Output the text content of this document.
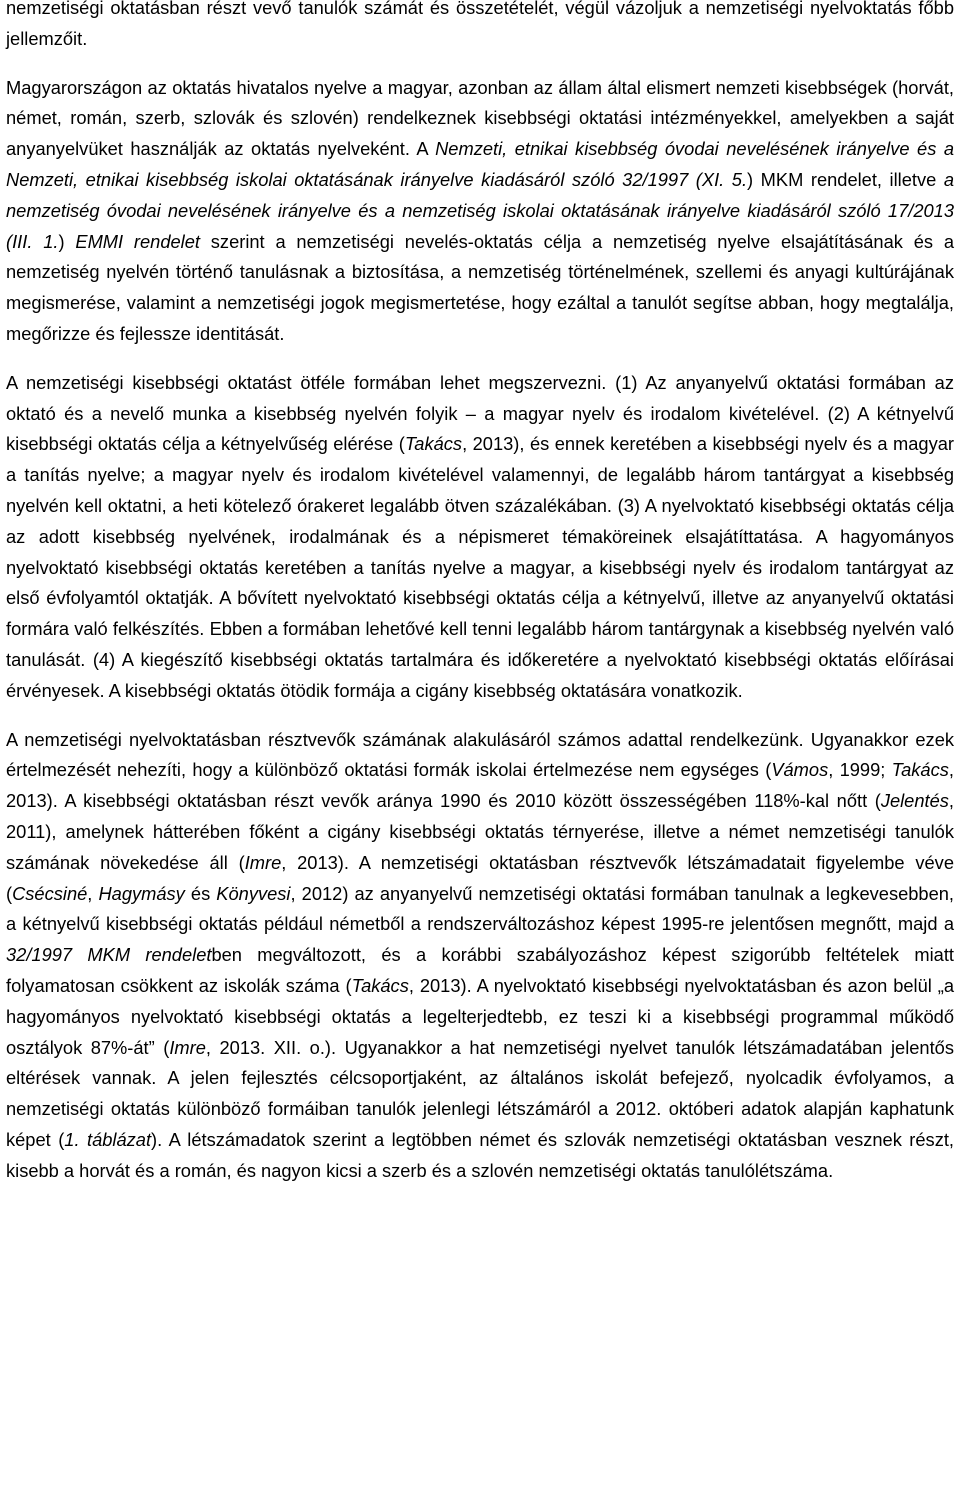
nemzetiségi oktatásban részt vevő tanulók számát és összetételét, végül vázoljuk a nemzetiségi nyelvoktatás főbb jellemzőit.

Magyarországon az oktatás hivatalos nyelve a magyar, azonban az állam által elismert nemzeti kisebbségek (horvát, német, román, szerb, szlovák és szlovén) rendelkeznek kisebbségi oktatási intézményekkel, amelyekben a saját anyanyelvüket használják az oktatás nyelveként. A Nemzeti, etnikai kisebbség óvodai nevelésének irányelve és a Nemzeti, etnikai kisebbség iskolai oktatásának irányelve kiadásáról szóló 32/1997 (XI. 5.) MKM rendelet, illetve a nemzetiség óvodai nevelésének irányelve és a nemzetiség iskolai oktatásának irányelve kiadásáról szóló 17/2013 (III. 1.) EMMI rendelet szerint a nemzetiségi nevelés-oktatás célja a nemzetiség nyelve elsajátításának és a nemzetiség nyelvén történő tanulásnak a biztosítása, a nemzetiség történelmének, szellemi és anyagi kultúrájának megismerése, valamint a nemzetiségi jogok megismertetése, hogy ezáltal a tanulót segítse abban, hogy megtalálja, megőrizze és fejlessze identitását.

A nemzetiségi kisebbségi oktatást ötféle formában lehet megszervezni. (1) Az anyanyelvű oktatási formában az oktató és a nevelő munka a kisebbség nyelvén folyik – a magyar nyelv és irodalom kivételével. (2) A kétnyelvű kisebbségi oktatás célja a kétnyelvűség elérése (Takács, 2013), és ennek keretében a kisebbségi nyelv és a magyar a tanítás nyelve; a magyar nyelv és irodalom kivételével valamennyi, de legalább három tantárgyat a kisebbség nyelvén kell oktatni, a heti kötelező órakeret legalább ötven százalékában. (3) A nyelvoktató kisebbségi oktatás célja az adott kisebbség nyelvének, irodalmának és a népismeret témaköreinek elsajátíttatása. A hagyományos nyelvoktató kisebbségi oktatás keretében a tanítás nyelve a magyar, a kisebbségi nyelv és irodalom tantárgyat az első évfolyamtól oktatják. A bővített nyelvoktató kisebbségi oktatás célja a kétnyelvű, illetve az anyanyelvű oktatási formára való felkészítés. Ebben a formában lehetővé kell tenni legalább három tantárgynak a kisebbség nyelvén való tanulását. (4) A kiegészítő kisebbségi oktatás tartalmára és időkeretére a nyelvoktató kisebbségi oktatás előírásai érvényesek. A kisebbségi oktatás ötödik formája a cigány kisebbség oktatására vonatkozik.

A nemzetiségi nyelvoktatásban résztvevők számának alakulásáról számos adattal rendelkezünk. Ugyanakkor ezek értelmezését nehezíti, hogy a különböző oktatási formák iskolai értelmezése nem egységes (Vámos, 1999; Takács, 2013). A kisebbségi oktatásban részt vevők aránya 1990 és 2010 között összességében 118%-kal nőtt (Jelentés, 2011), amelynek hátterében főként a cigány kisebbségi oktatás térnyerése, illetve a német nemzetiségi tanulók számának növekedése áll (Imre, 2013). A nemzetiségi oktatásban résztvevők létszámadatait figyelembe véve (Csécsiné, Hagymásy és Könyvesi, 2012) az anyanyelvű nemzetiségi oktatási formában tanulnak a legkevesebben, a kétnyelvű kisebbségi oktatás például németből a rendszerváltozáshoz képest 1995-re jelentősen megnőtt, majd a 32/1997 MKM rendeletben megváltozott, és a korábbi szabályozáshoz képest szigorúbb feltételek miatt folyamatosan csökkent az iskolák száma (Takács, 2013). A nyelvoktató kisebbségi nyelvoktatásban és azon belül „a hagyományos nyelvoktató kisebbségi oktatás a legelterjedtebb, ez teszi ki a kisebbségi programmal működő osztályok 87%-át” (Imre, 2013. XII. o.). Ugyanakkor a hat nemzetiségi nyelvet tanulók létszámadatában jelentős eltérések vannak. A jelen fejlesztés célcsoportjaként, az általános iskolát befejező, nyolcadik évfolyamos, a nemzetiségi oktatás különböző formáiban tanulók jelenlegi létszámáról a 2012. októberi adatok alapján kaphatunk képet (1. táblázat). A létszámadatok szerint a legtöbben német és szlovák nemzetiségi oktatásban vesznek részt, kisebb a horvát és a román, és nagyon kicsi a szerb és a szlovén nemzetiségi oktatás tanulólétszáma.
